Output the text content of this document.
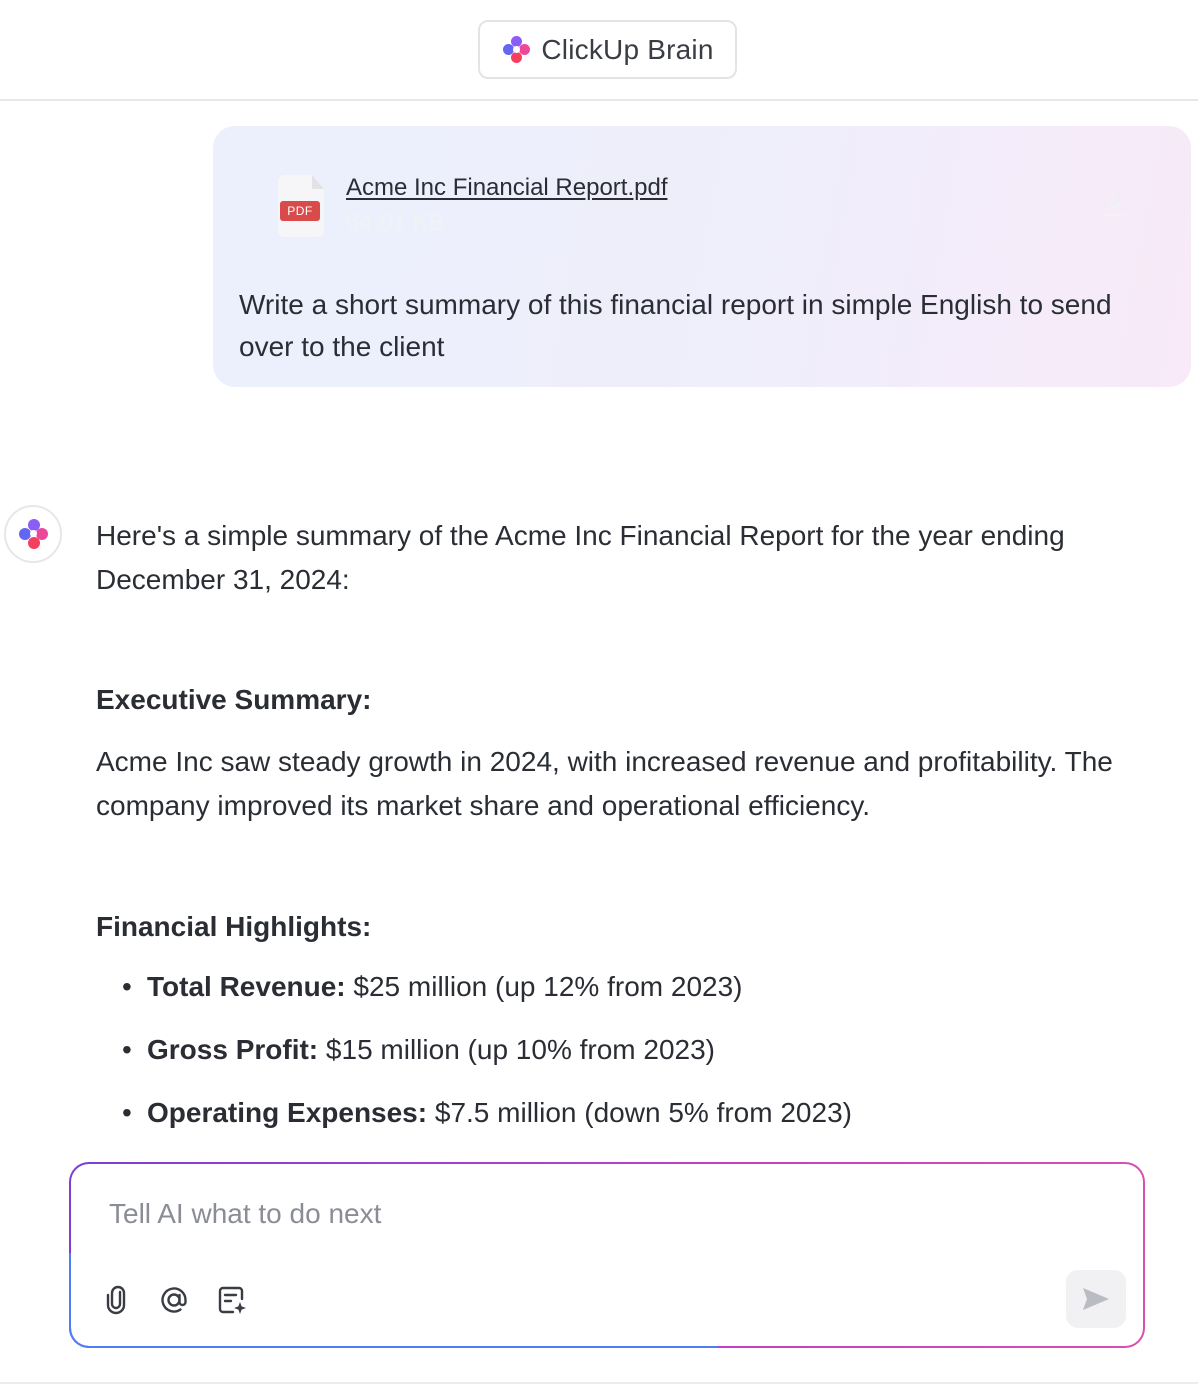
ClickUp Brain
PDF
Acme Inc Financial Report.pdf
64.01 KB
Write a short summary of this financial report in simple English to send over to the client
Here's a simple summary of the Acme Inc Financial Report for the year ending December 31, 2024:
Executive Summary:
Acme Inc saw steady growth in 2024, with increased revenue and profitability. The company improved its market share and operational efficiency.
Financial Highlights:
• Total Revenue: $25 million (up 12% from 2023)
• Gross Profit: $15 million (up 10% from 2023)
• Operating Expenses: $7.5 million (down 5% from 2023)
Tell AI what to do next
